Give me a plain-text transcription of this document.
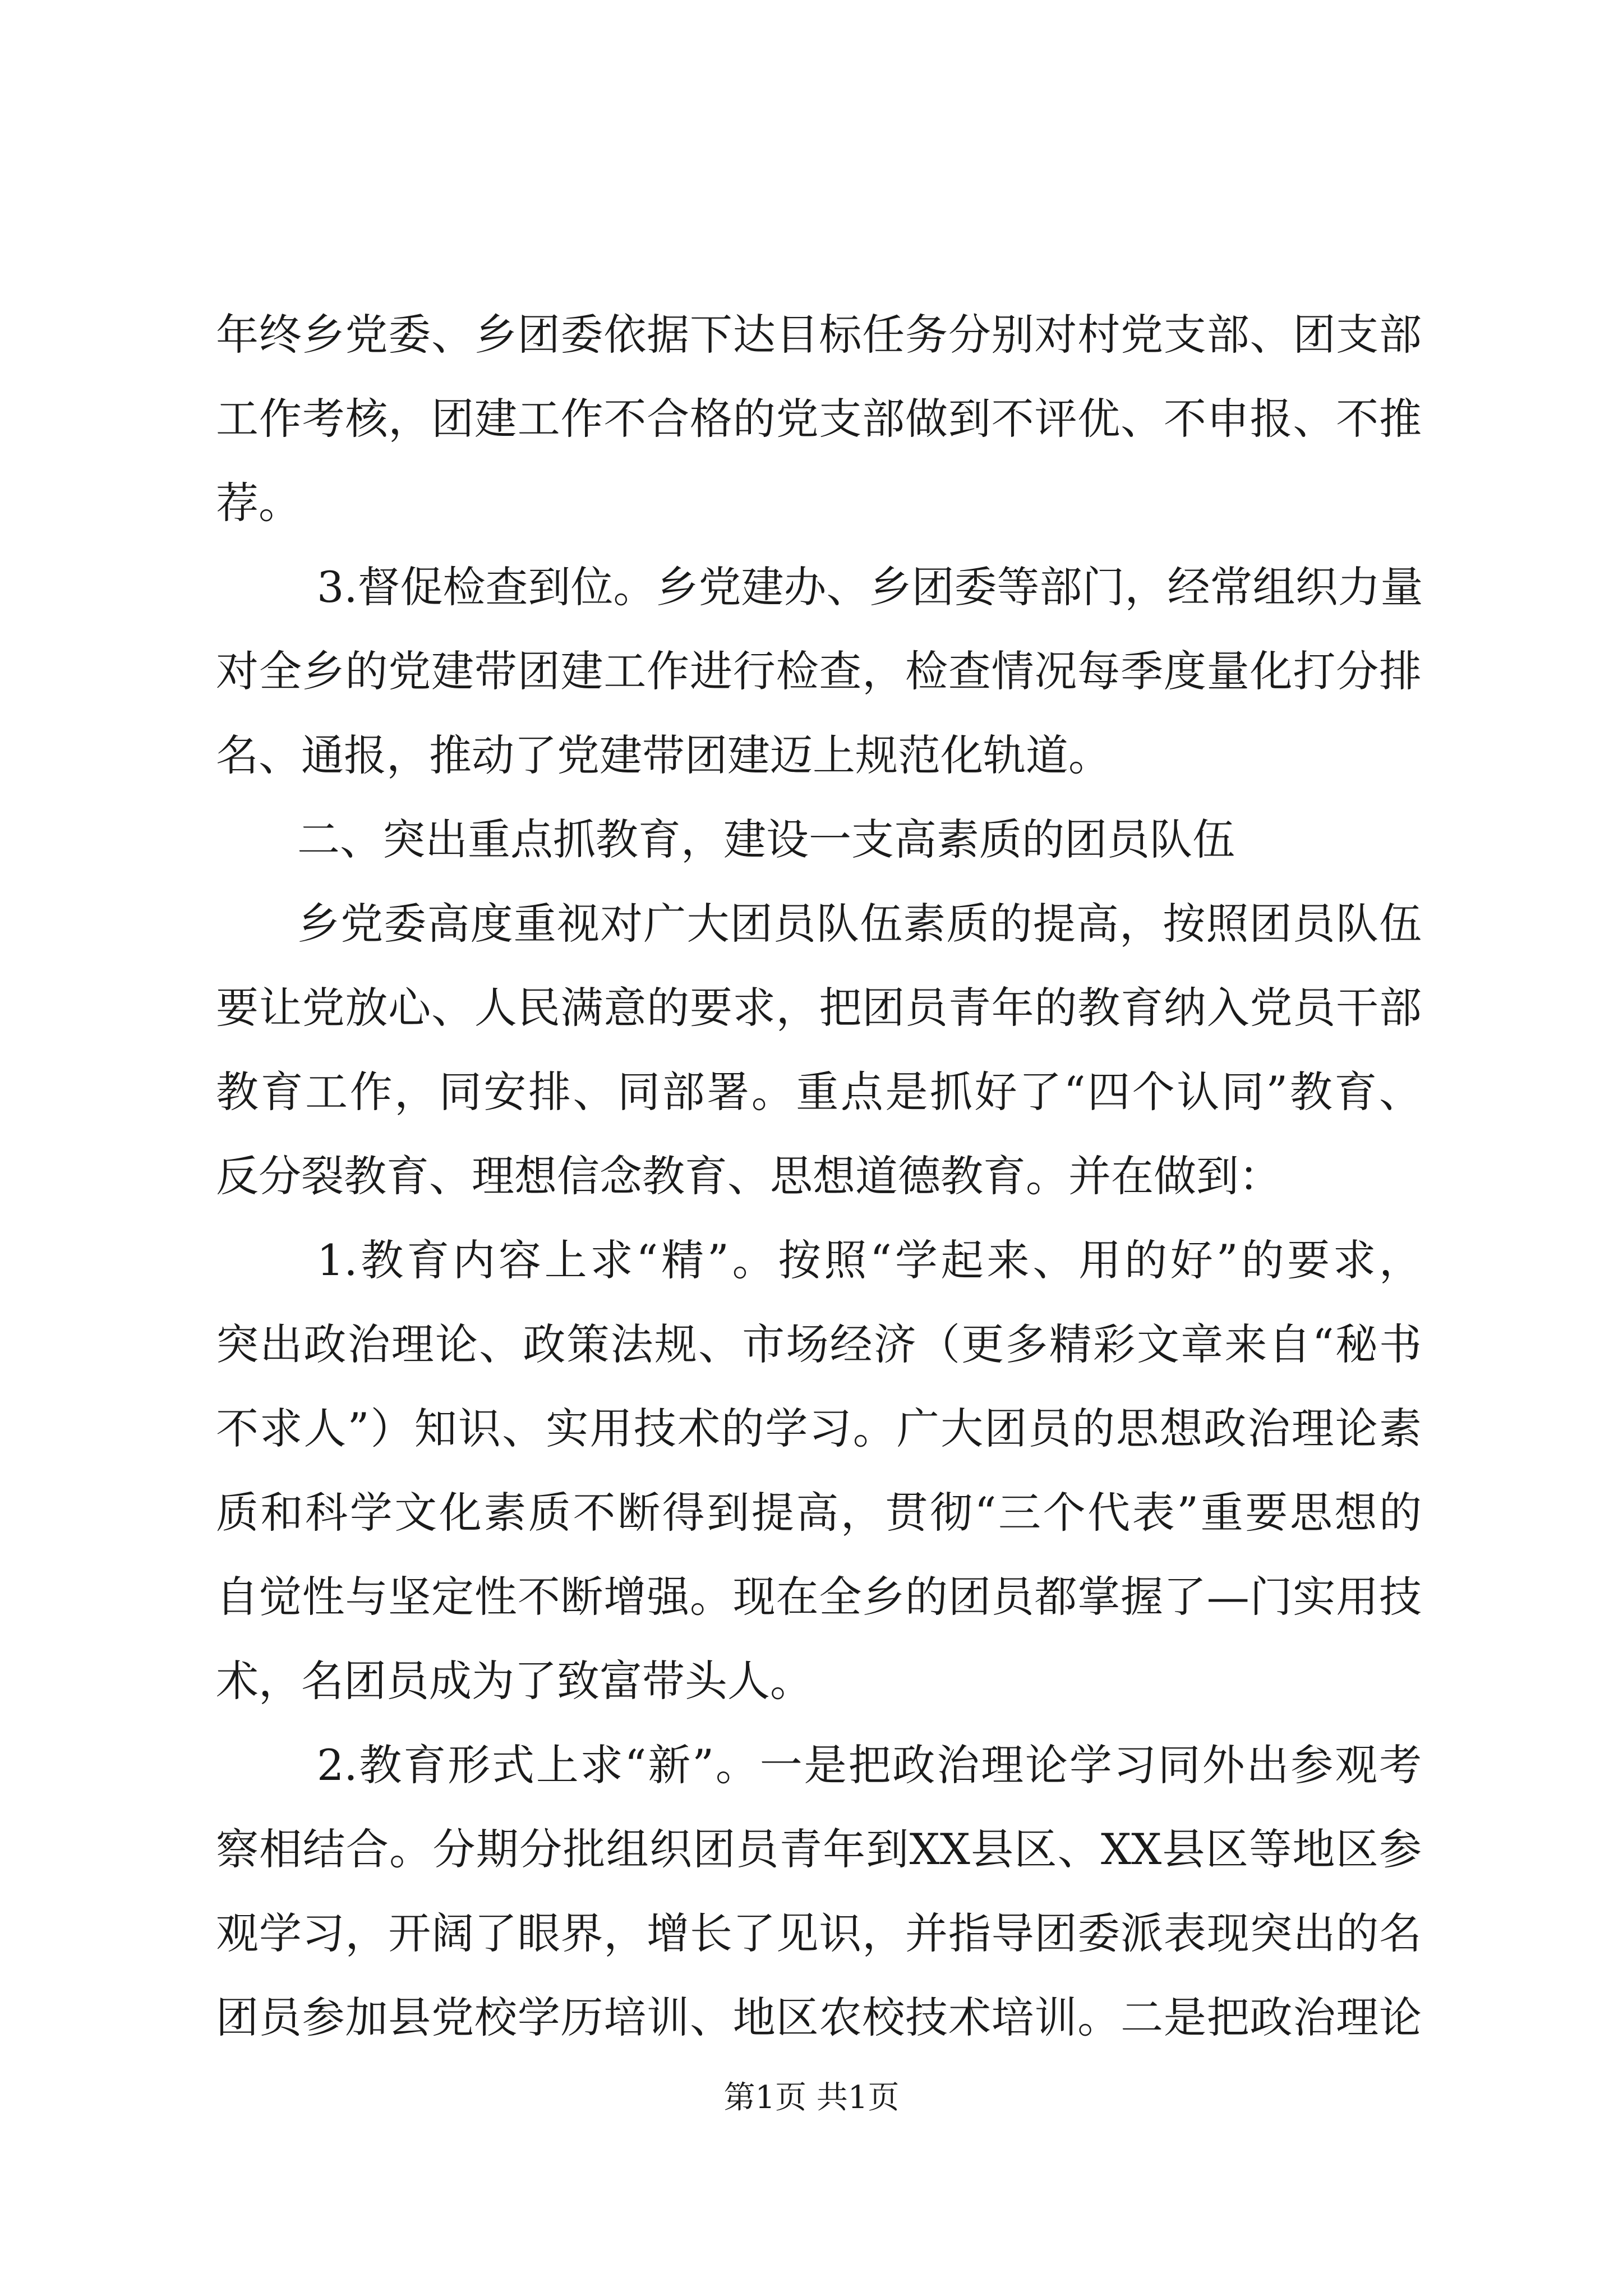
年终乡党委、乡团委依据下达目标任务分别对村党支部、团支部
工作考核，团建工作不合格的党支部做到不评优、不申报、不推
荐。
3.督促检查到位。乡党建办、乡团委等部门，经常组织力量
对全乡的党建带团建工作进行检查，检查情况每季度量化打分排
名、通报，推动了党建带团建迈上规范化轨道。
二、突出重点抓教育，建设一支高素质的团员队伍
乡党委高度重视对广大团员队伍素质的提高，按照团员队伍
要让党放心、人民满意的要求，把团员青年的教育纳入党员干部
教育工作，同安排、同部署。重点是抓好了“四个认同”教育、
反分裂教育、理想信念教育、思想道德教育。并在做到：
1.教育内容上求“精”。按照“学起来、用的好”的要求，
突出政治理论、政策法规、市场经济（更多精彩文章来自“秘书
不求人”）知识、实用技术的学习。广大团员的思想政治理论素
质和科学文化素质不断得到提高，贯彻“三个代表”重要思想的
自觉性与坚定性不断增强。现在全乡的团员都掌握了—门实用技
术，名团员成为了致富带头人。
2.教育形式上求“新”。一是把政治理论学习同外出参观考
察相结合。分期分批组织团员青年到XX县区、XX县区等地区参
观学习，开阔了眼界，增长了见识，并指导团委派表现突出的名
团员参加县党校学历培训、地区农校技术培训。二是把政治理论
第1页 共1页
